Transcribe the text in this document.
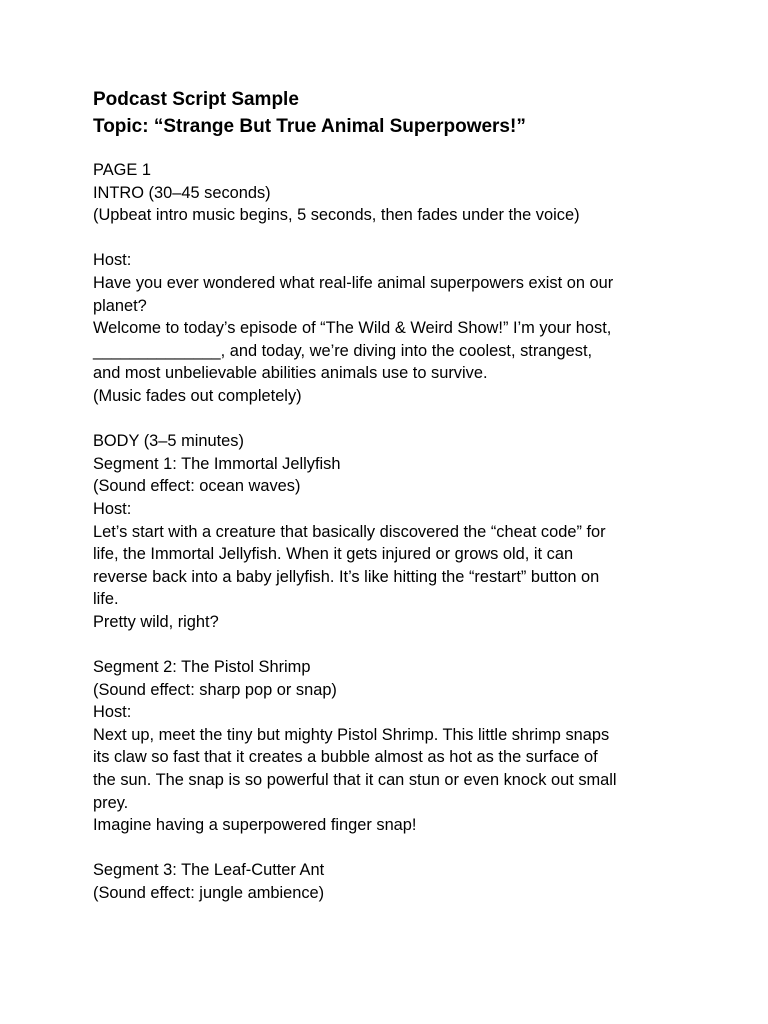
Podcast Script Sample

Topic: “Strange But True Animal Superpowers!”

PAGE 1

INTRO (30–45 seconds)

(Upbeat intro music begins, 5 seconds, then fades under the voice)

Host:

Have you ever wondered what real-life animal superpowers exist on our
planet?

Welcome to today’s episode of “The Wild & Weird Show!” I’m your host,
______________, and today, we’re diving into the coolest, strangest,
and most unbelievable abilities animals use to survive.

(Music fades out completely)

BODY (3–5 minutes)

Segment 1: The Immortal Jellyfish

(Sound effect: ocean waves)

Host:

Let’s start with a creature that basically discovered the “cheat code” for
life, the Immortal Jellyfish. When it gets injured or grows old, it can
reverse back into a baby jellyfish. It’s like hitting the “restart” button on
life.

Pretty wild, right?

Segment 2: The Pistol Shrimp

(Sound effect: sharp pop or snap)

Host:

Next up, meet the tiny but mighty Pistol Shrimp. This little shrimp snaps
its claw so fast that it creates a bubble almost as hot as the surface of
the sun. The snap is so powerful that it can stun or even knock out small
prey.

Imagine having a superpowered finger snap!

Segment 3: The Leaf-Cutter Ant

(Sound effect: jungle ambience)
